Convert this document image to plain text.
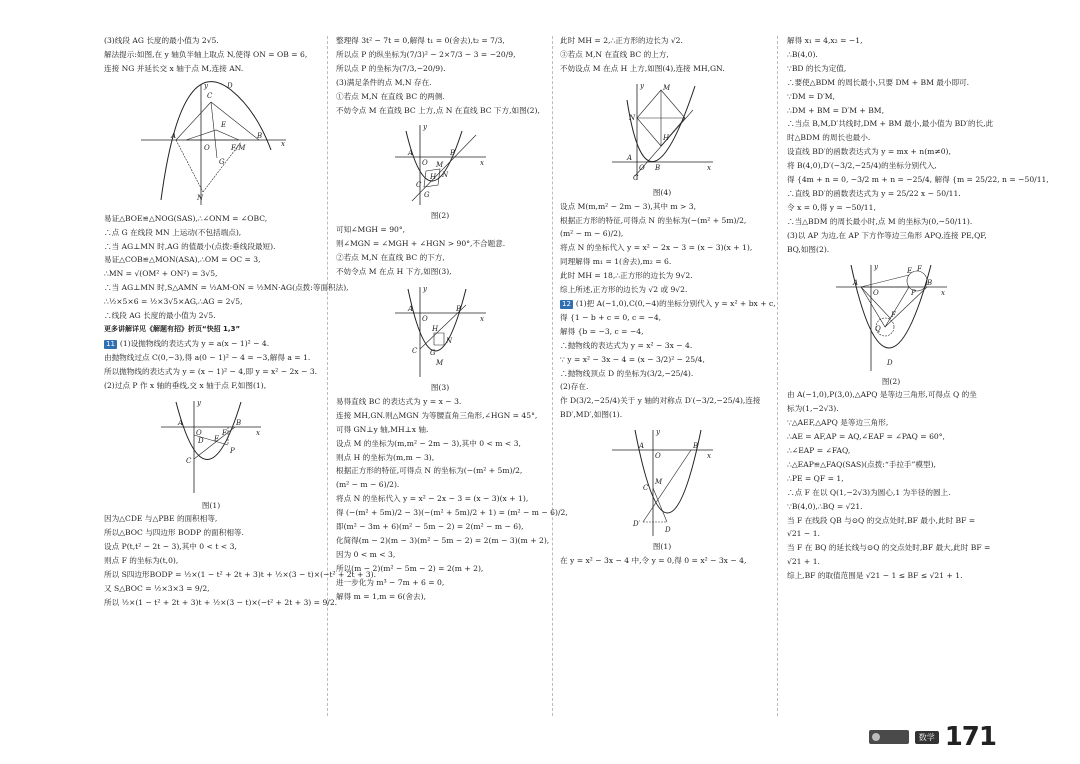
(3)线段 AG 长度的最小值为 2√5.

解法提示:如图,在 y 轴负半轴上取点 N,使得 ON = OB = 6,

连接 NG 并延长交 x 轴于点 M,连接 AN.

A
O
B
C
D
E
F/M
G
N
x
y

易证△BOE≌△NOG(SAS),∴∠ONM = ∠OBC,

∴点 G 在线段 MN 上运动(不包括端点),

∴当 AG⊥MN 时,AG 的值最小(点拨:垂线段最短).

易证△COB≌△MON(ASA),∴OM = OC = 3,

∴MN = √(OM² + ON²) = 3√5,

∴当 AG⊥MN 时,S△AMN = ½AM·ON = ½MN·AG(点拨:等面积法),

∴½×5×6 = ½×3√5×AG,∴AG = 2√5,

∴线段 AG 长度的最小值为 2√5.

更多讲解详见《解题有招》折页“快招 1,3”

11 (1)设抛物线的表达式为 y = a(x − 1)² − 4.

由抛物线过点 C(0,−3),得 a(0 − 1)² − 4 = −3,解得 a = 1.

所以抛物线的表达式为 y = (x − 1)² − 4,即 y = x² − 2x − 3.

(2)过点 P 作 x 轴的垂线,交 x 轴于点 F,如图(1),

A
O
B
C
D E
F
P
x
y

图(1)

因为△CDE 与△PBE 的面积相等,

所以△BOC 与四边形 BODP 的面积相等.

设点 P(t,t² − 2t − 3),其中 0 < t < 3,

则点 F 的坐标为(t,0),

所以 S四边形BODP = ½×(1 − t² + 2t + 3)t + ½×(3 − t)×(−t² + 2t + 3).

又 S△BOC = ½×3×3 = 9/2,

所以 ½×(1 − t² + 2t + 3)t + ½×(3 − t)×(−t² + 2t + 3) = 9/2.

整理得 3t² − 7t = 0,解得 t₁ = 0(舍去),t₂ = 7/3,

所以点 P 的纵坐标为(7/3)² − 2×7/3 − 3 = −20/9,

所以点 P 的坐标为(7/3,−20/9).

(3)满足条件的点 M,N 存在.

①若点 M,N 在直线 BC 的两侧.

不妨令点 M 在直线 BC 上方,点 N 在直线 BC 下方,如图(2),

A
O
B
C
M
N
H
G
x
y

图(2)

可知∠MGH = 90°,

则∠MGN = ∠MGH + ∠HGN > 90°,不合题意.

②若点 M,N 在直线 BC 的下方,

不妨令点 M 在点 H 下方,如图(3),

A
O
B
C
H
N
G
M
x
y

图(3)

易得直线 BC 的表达式为 y = x − 3.

连接 MH,GN.则△MGN 为等腰直角三角形,∠HGN = 45°,

可得 GN⊥y 轴,MH⊥x 轴.

设点 M 的坐标为(m,m² − 2m − 3),其中 0 < m < 3,

则点 H 的坐标为(m,m − 3),

根据正方形的特征,可得点 N 的坐标为(−(m² + 5m)/2,

(m² − m − 6)/2).

将点 N 的坐标代入 y = x² − 2x − 3 = (x − 3)(x + 1),

得 (−(m² + 5m)/2 − 3)(−(m² + 5m)/2 + 1) = (m² − m − 6)/2,

即(m² − 3m + 6)(m² − 5m − 2) = 2(m² − m − 6),

化简得(m − 2)(m − 3)(m² − 5m − 2) = 2(m − 3)(m + 2),

因为 0 < m < 3,

所以(m − 2)(m² − 5m − 2) = 2(m + 2),

进一步化为 m³ − 7m + 6 = 0,

解得 m = 1,m = 6(舍去),

此时 MH = 2,∴正方形的边长为 √2.

③若点 M,N 在直线 BC 的上方,

不妨设点 M 在点 H 上方,如图(4),连接 MH,GN.

M
N
H
A
O B
C
x
y

图(4)

设点 M(m,m² − 2m − 3),其中 m > 3,

根据正方形的特征,可得点 N 的坐标为(−(m² + 5m)/2,

(m² − m − 6)/2),

将点 N 的坐标代入 y = x² − 2x − 3 = (x − 3)(x + 1),

同理解得 m₁ = 1(舍去),m₂ = 6.

此时 MH = 18,∴正方形的边长为 9√2.

综上所述,正方形的边长为 √2 或 9√2.

12 (1)把 A(−1,0),C(0,−4)的坐标分别代入 y = x² + bx + c,

得 {1 − b + c = 0, c = −4,

解得 {b = −3, c = −4,

∴抛物线的表达式为 y = x² − 3x − 4.

∵ y = x² − 3x − 4 = (x − 3/2)² − 25/4,

∴抛物线顶点 D 的坐标为(3/2,−25/4).

(2)存在.

作 D(3/2,−25/4)关于 y 轴的对称点 D′(−3/2,−25/4),连接

BD′,MD′,如图(1).

A
O
B
M
C
D′
D
x
y

图(1)

在 y = x² − 3x − 4 中,令 y = 0,得 0 = x² − 3x − 4,

解得 x₁ = 4,x₂ = −1,

∴B(4,0).

∵BD 的长为定值,

∴要使△BDM 的周长最小,只要 DM + BM 最小即可.

∵DM = D′M,

∴DM + BM = D′M + BM,

∴当点 B,M,D′共线时,DM + BM 最小,最小值为 BD′的长,此

时△BDM 的周长也最小.

设直线 BD′的函数表达式为 y = mx + n(m≠0),

将 B(4,0),D′(−3/2,−25/4)的坐标分别代入,

得 {4m + n = 0, −3/2 m + n = −25/4, 解得 {m = 25/22, n = −50/11,

∴直线 BD′的函数表达式为 y = 25/22 x − 50/11.

令 x = 0,得 y = −50/11,

∴当△BDM 的周长最小时,点 M 的坐标为(0,−50/11).

(3)以 AP 为边,在 AP 下方作等边三角形 APQ,连接 PE,QF,

BQ,如图(2).

A
O
B
E
P
F
F
Q
D
x
y

图(2)

由 A(−1,0),P(3,0),△APQ 是等边三角形,可得点 Q 的坐

标为(1,−2√3).

∵△AEF,△APQ 是等边三角形,

∴AE = AF,AP = AQ,∠EAF = ∠PAQ = 60°,

∴∠EAP = ∠FAQ,

∴△EAP≌△FAQ(SAS)(点拨:“手拉手”模型),

∴PE = QF = 1,

∴点 F 在以 Q(1,−2√3)为圆心,1 为半径的圆上.

∵B(4,0),∴BQ = √21.

当 F 在线段 QB 与⊙Q 的交点处时,BF 最小,此时 BF =

√21 − 1.

当 F 在 BQ 的延长线与⊙Q 的交点处时,BF 最大,此时 BF =

√21 + 1.

综上,BF 的取值范围是 √21 − 1 ≤ BF ≤ √21 + 1.

数学 171
